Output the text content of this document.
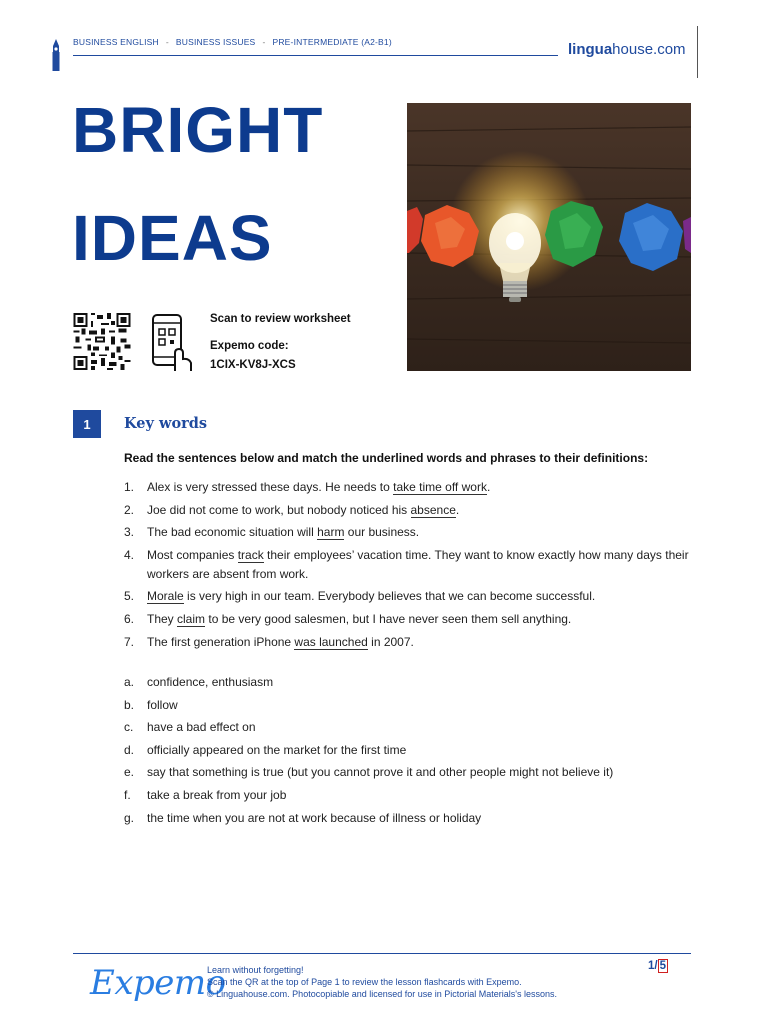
BUSINESS ENGLISH - BUSINESS ISSUES - PRE-INTERMEDIATE (A2-B1)	linguahouse.com
BRIGHT
IDEAS
Scan to review worksheet
Expemo code:
1CIX-KV8J-XCS
1	Key words
Read the sentences below and match the underlined words and phrases to their definitions:
1. Alex is very stressed these days. He needs to take time off work.
2. Joe did not come to work, but nobody noticed his absence.
3. The bad economic situation will harm our business.
4. Most companies track their employees’ vacation time. They want to know exactly how many days their workers are absent from work.
5. Morale is very high in our team. Everybody believes that we can become successful.
6. They claim to be very good salesmen, but I have never seen them sell anything.
7. The first generation iPhone was launched in 2007.
a. confidence, enthusiasm
b. follow
c. have a bad effect on
d. officially appeared on the market for the first time
e. say that something is true (but you cannot prove it and other people might not believe it)
f. take a break from your job
g. the time when you are not at work because of illness or holiday
Expemo
Learn without forgetting!
Scan the QR at the top of Page 1 to review the lesson flashcards with Expemo.
© Linguahouse.com. Photocopiable and licensed for use in Pictorial Materials's lessons.
1/ 5
